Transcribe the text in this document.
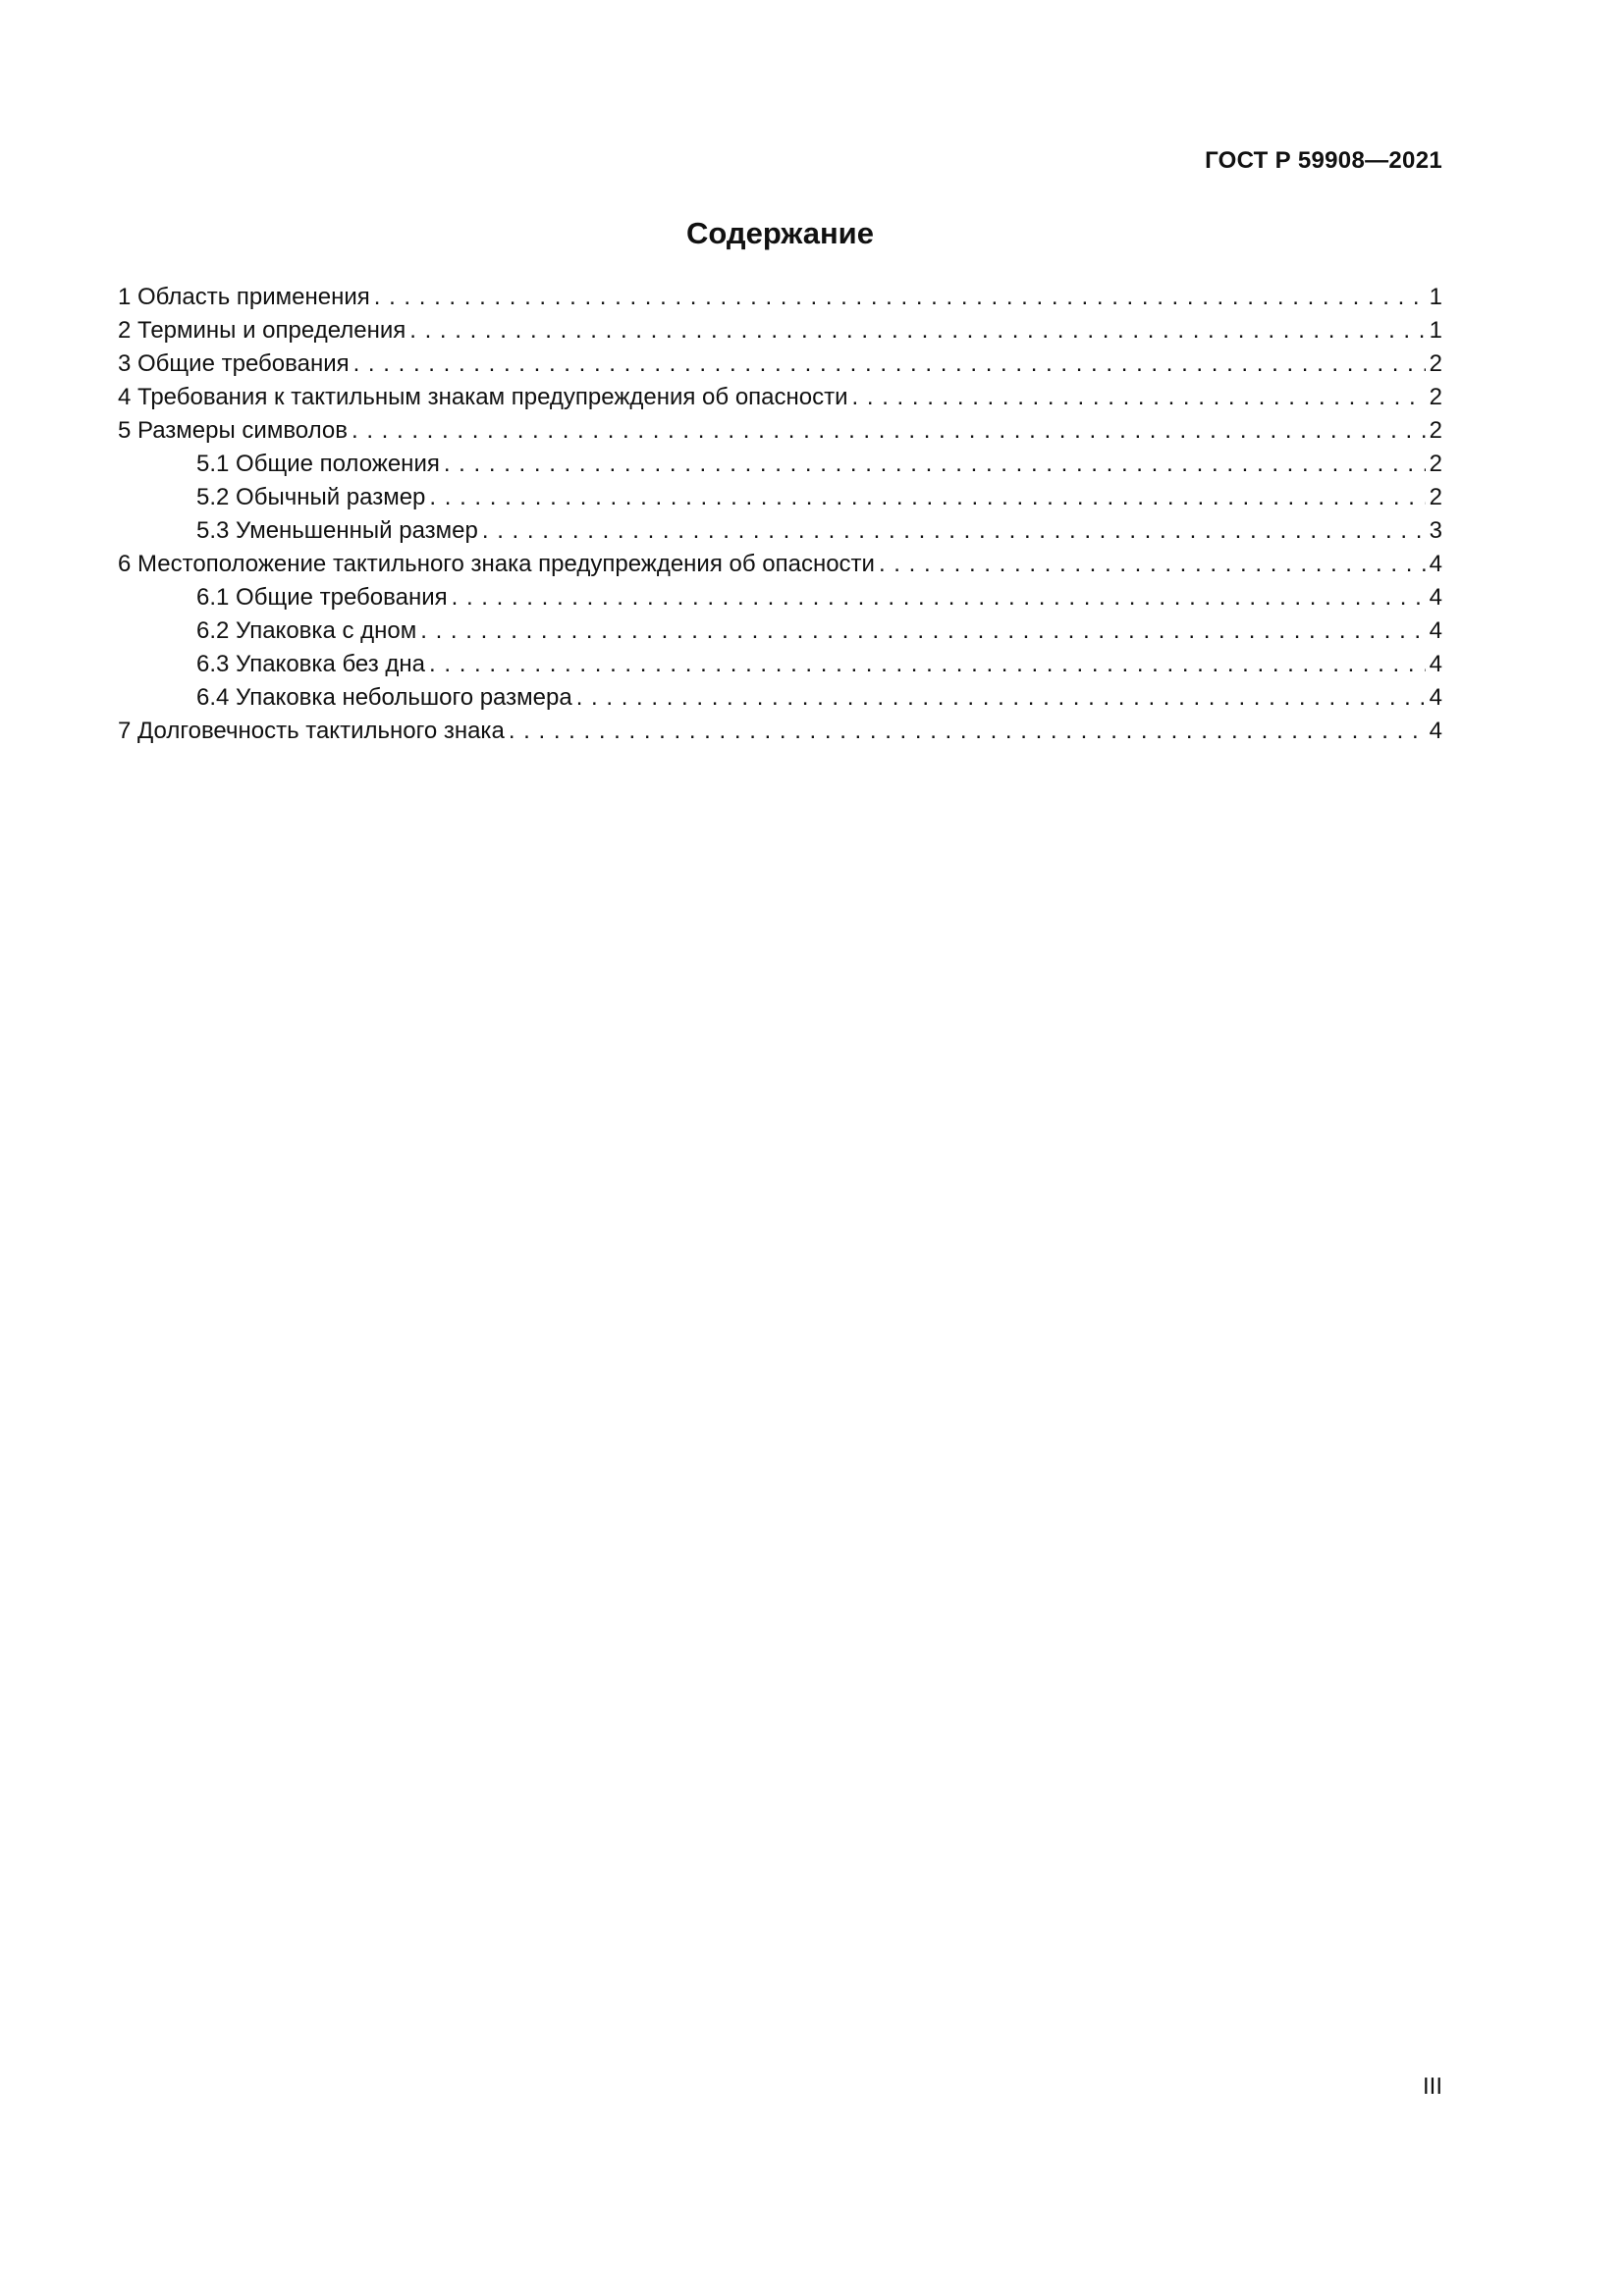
ГОСТ Р 59908—2021
Содержание
1 Область применения . . .	1
2 Термины и определения . . .	1
3 Общие требования . . .	2
4 Требования к тактильным знакам предупреждения об опасности . . .	2
5 Размеры символов . . .	2
5.1 Общие положения . . .	2
5.2 Обычный размер . . .	2
5.3 Уменьшенный размер . . .	3
6 Местоположение тактильного знака предупреждения об опасности . . .	4
6.1 Общие требования . . .	4
6.2 Упаковка с дном . . .	4
6.3 Упаковка без дна . . .	4
6.4 Упаковка небольшого размера . . .	4
7 Долговечность тактильного знака . . .	4
III
